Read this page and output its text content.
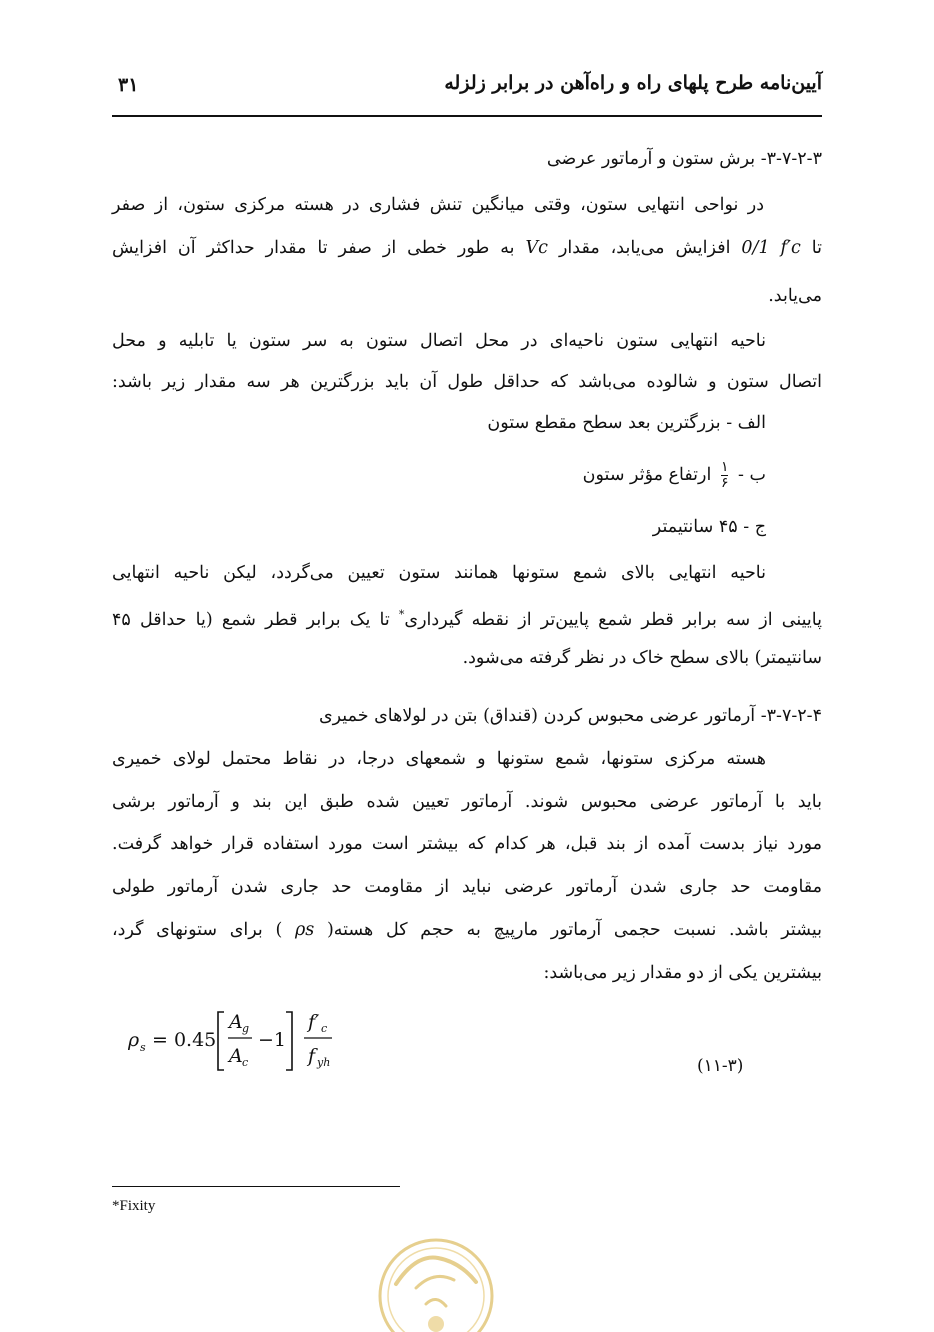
آیین‌نامه طرح پلهای راه و راه‌آهن در برابر زلزله
۳۱
۳-۷-۲-۳- برش ستون و آرماتور عرضی
در نواحی انتهایی ستون، وقتی میانگین تنش فشاری در هسته مرکزی ستون، از صفر
تا 0/1 f′c افزایش می‌یابد، مقدار Vc به طور خطی از صفر تا مقدار حداکثر آن افزایش
می‌یابد.
ناحیه انتهایی ستون ناحیه‌ای در محل اتصال ستون به سر ستون یا تابلیه و محل
اتصال ستون و شالوده می‌باشد که حداقل طول آن باید بزرگترین هر سه مقدار زیر باشد:
الف - بزرگترین بعد سطح مقطع ستون
ب -
۱
۶
ارتفاع مؤثر ستون
ج - ۴۵ سانتیمتر
ناحیه انتهایی بالای شمع ستونها همانند ستون تعیین می‌گردد، لیکن ناحیه انتهایی
پایینی از سه برابر قطر شمع پایین‌تر از نقطه گیرداری* تا یک برابر قطر شمع (یا حداقل ۴۵
سانتیمتر) بالای سطح خاک در نظر گرفته می‌شود.
۳-۷-۲-۴- آرماتور عرضی محبوس کردن (قنداق) بتن در لولاهای خمیری
هسته مرکزی ستونها، شمع ستونها و شمعهای درجا، در نقاط محتمل لولای خمیری
باید با آرماتور عرضی محبوس شوند. آرماتور تعیین شده طبق این بند و آرماتور برشی
مورد نیاز بدست آمده از بند قبل، هر کدام که بیشتر است مورد استفاده قرار خواهد گرفت.
مقاومت حد جاری شدن آرماتور عرضی نباید از مقاومت حد جاری شدن آرماتور طولی
بیشتر باشد. نسبت حجمی آرماتور مارپیچ به حجم کل هسته( ρs ) برای ستونهای گرد،
بیشترین یکی از دو مقدار زیر می‌باشد:
ρ s = 0.45
A g
A c
−1
f′ c
f yh	(۱۱-۳)
*Fixity
